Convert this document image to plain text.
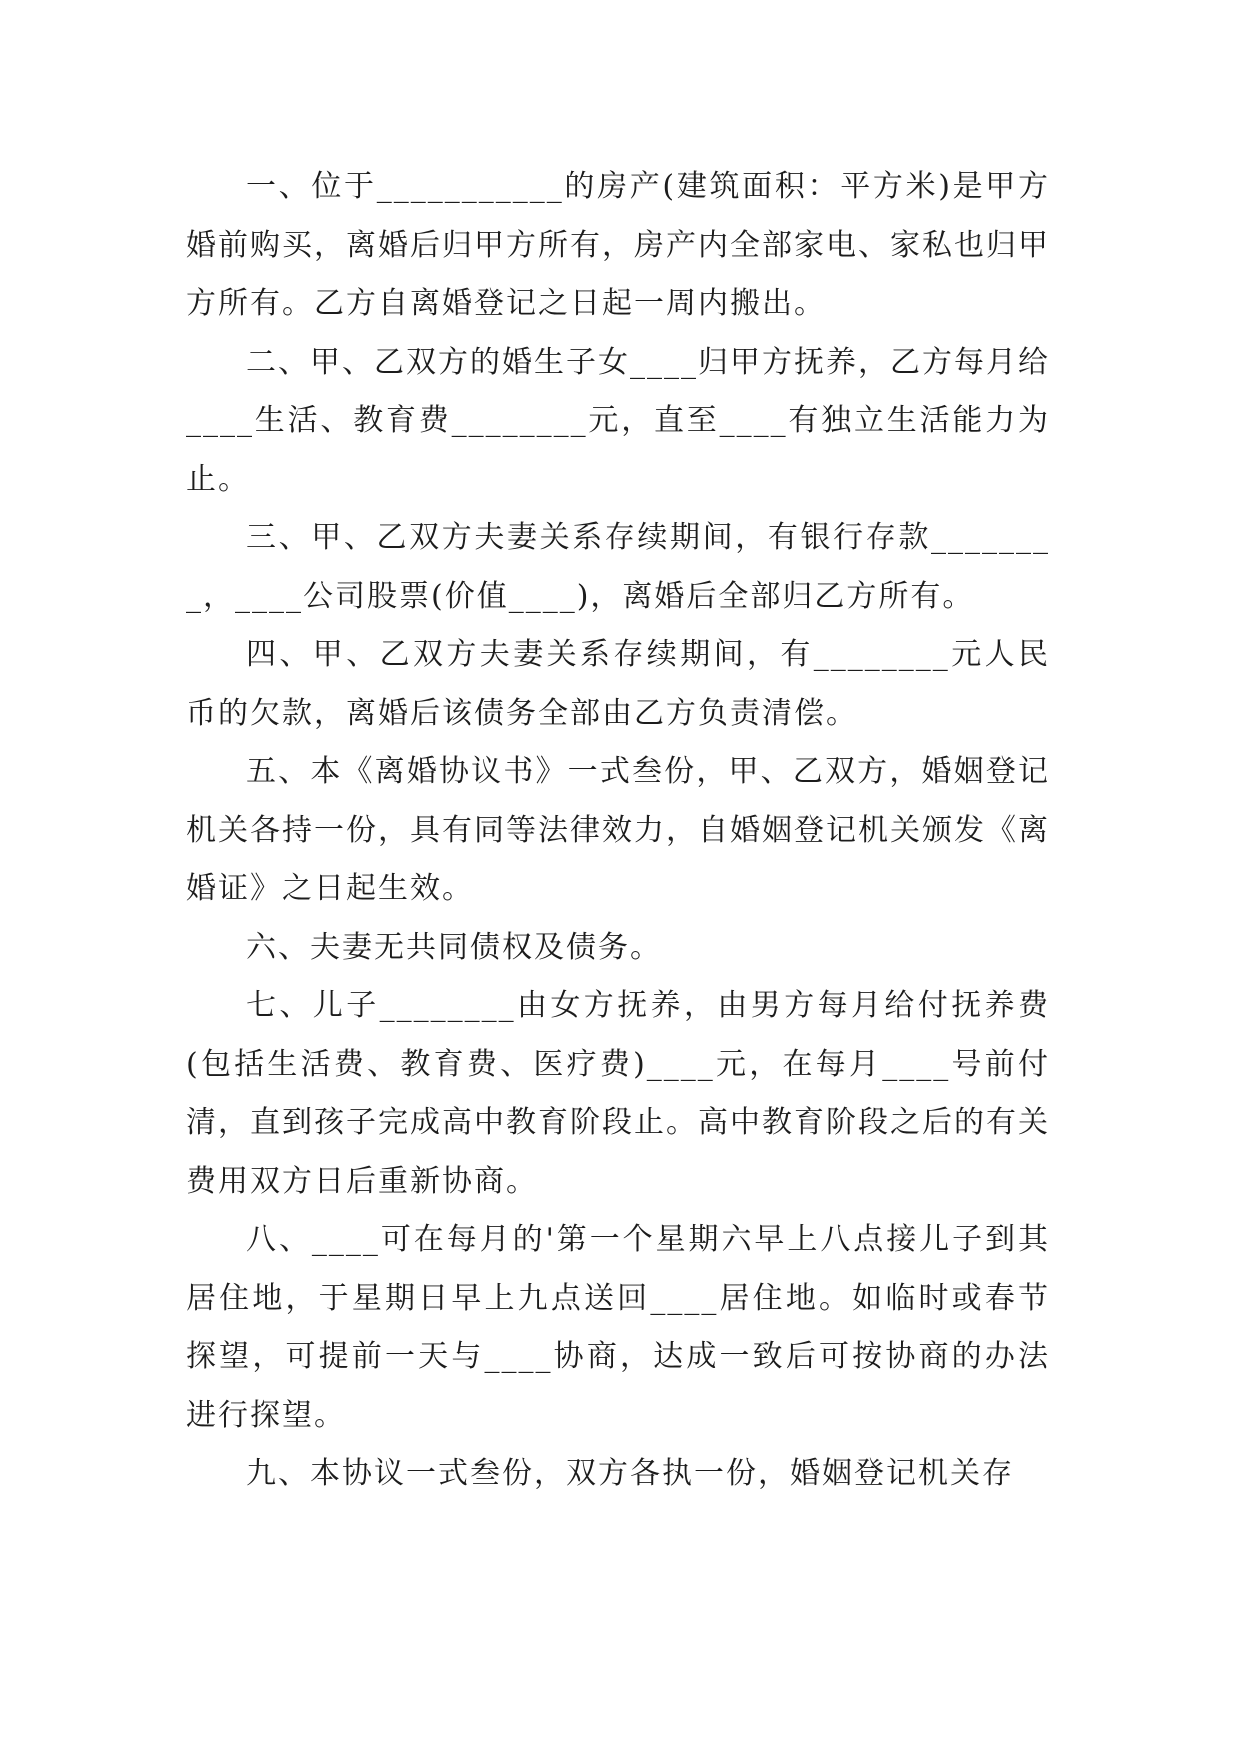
一、位于___________的房产(建筑面积：平方米)是甲方婚前购买，离婚后归甲方所有，房产内全部家电、家私也归甲方所有。乙方自离婚登记之日起一周内搬出。

二、甲、乙双方的婚生子女____归甲方抚养，乙方每月给____生活、教育费________元，直至____有独立生活能力为止。

三、甲、乙双方夫妻关系存续期间，有银行存款________，____公司股票(价值____)，离婚后全部归乙方所有。

四、甲、乙双方夫妻关系存续期间，有________元人民币的欠款，离婚后该债务全部由乙方负责清偿。

五、本《离婚协议书》一式叁份，甲、乙双方，婚姻登记机关各持一份，具有同等法律效力，自婚姻登记机关颁发《离婚证》之日起生效。

六、夫妻无共同债权及债务。

七、儿子________由女方抚养，由男方每月给付抚养费(包括生活费、教育费、医疗费)____元，在每月____号前付清，直到孩子完成高中教育阶段止。高中教育阶段之后的有关费用双方日后重新协商。

八、____可在每月的'第一个星期六早上八点接儿子到其居住地，于星期日早上九点送回____居住地。如临时或春节探望，可提前一天与____协商，达成一致后可按协商的办法进行探望。

九、本协议一式叁份，双方各执一份，婚姻登记机关存
